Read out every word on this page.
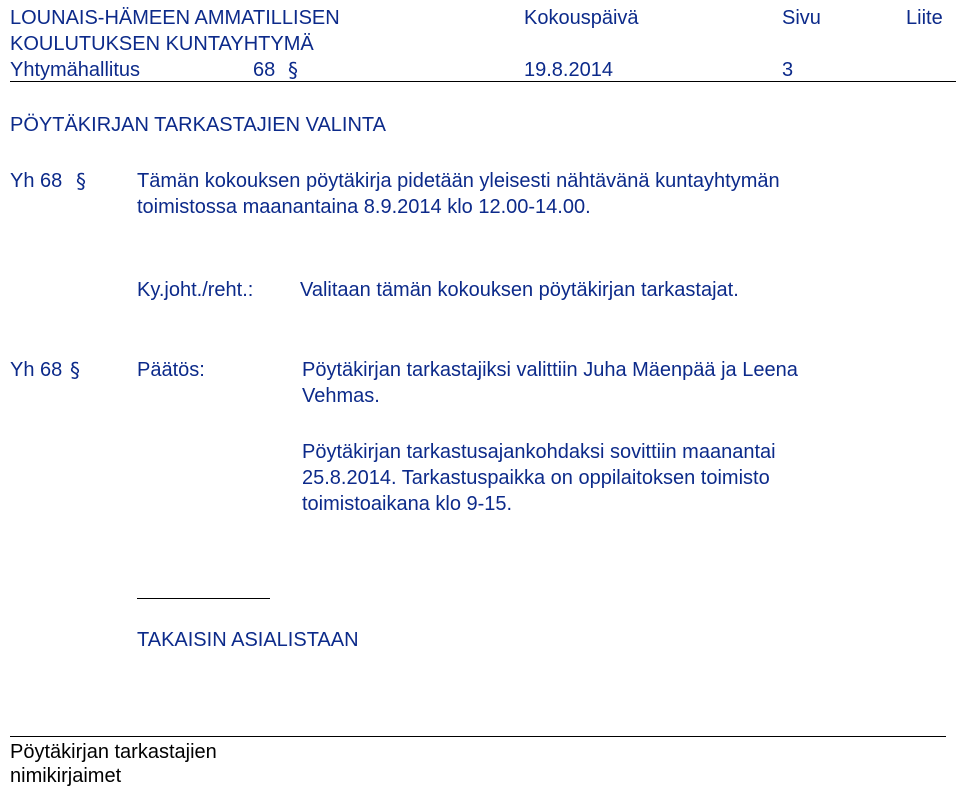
LOUNAIS-HÄMEEN AMMATILLISEN	Kokouspäivä	Sivu	Liite
KOULUTUKSEN KUNTAYHTYMÄ
Yhtymähallitus	68 §	19.8.2014	3
PÖYTÄKIRJAN TARKASTAJIEN VALINTA
Yh 68 §	Tämän kokouksen pöytäkirja pidetään yleisesti nähtävänä kuntayhtymän
toimistossa maanantaina 8.9.2014 klo 12.00-14.00.
Ky.joht./reht.: Valitaan tämän kokouksen pöytäkirjan tarkastajat.
Yh 68 §	Päätös:	Pöytäkirjan tarkastajiksi valittiin Juha Mäenpää ja Leena
Vehmas.
Pöytäkirjan tarkastusajankohdaksi sovittiin maanantai
25.8.2014. Tarkastuspaikka on oppilaitoksen toimisto
toimistoaikana klo 9-15.
TAKAISIN ASIALISTAAN
Pöytäkirjan tarkastajien
nimikirjaimet
